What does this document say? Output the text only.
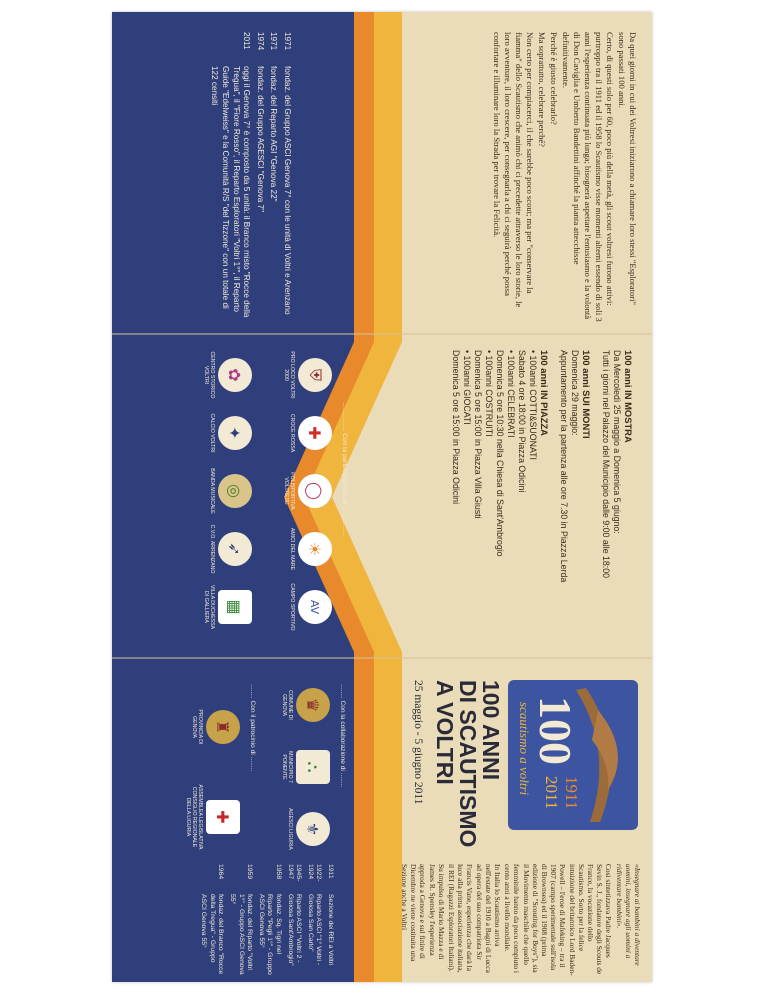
Da quei giorni in cui dei Voltresi iniziarono a chiamare loro stessi "Esploratori" sono passati 100 anni.

Certo, di questi solo per 60, poco più della metà, gli scout voltresi furono attivi: purtroppo tra il 1911 ed il 1958 lo Scautismo visse momenti alterni essendo di soli 3 anni l'esperienza continuata più lunga; bisognerà aspettare l'entusiasmo e la volontà di Don Caviglia e Umberto Bandettini affinché la pianta attecchisse definitivamente.

Perché è giusto celebrarlo?

Ma soprattutto, celebrare perché?

Non certo per compiacerci, il che sarebbe poco scout; ma per "conservare la fiamma" dello Scautismo che animò chi ci precedette attraverso le loro storie, le loro avventure, il loro crescere, per consegnarla a chi ci seguirà perché possa confortare e illuminare loro la Strada per trovare la Felicità.

1971
fondaz. del Gruppo ASCI Genova 7° con le unità di Voltri e Arenzano
1971
fondaz. del Reparto AGI "Genova 22"
1974
fondaz. del Gruppo AGESCI "Genova 7"
2011
oggi il Genova 7° è composto da 5 unità: il Branco misto "Rocce della Tregua", il "Fiore Rosso", il Reparto Esploratori "Voltri 1°", il Reparto Guide "Edelweiss" e la Comunità R/S "del Tizzone" con un totale di 122 censiti
100 anni IN MOSTRA
Da Mercoledì 25 maggio a Domenica 5 giugno:
Tutti i giorni nel Palazzo del Municipio dalle 9:00 alle 18:00
100 anni SUI MONTI
Domenica 29 maggio:
Appuntamento per la partenza alle ore 7.30 in Piazza Lerda
100 anni IN PIAZZA
• 100anni COTTI&SUONATI
Sabato 4 ore 18:00 in Piazza Odicini
• 100anni CELEBRATI
Domenica 5 ore 10:30 nella Chiesa di Sant'Ambrogio
• 100anni COSTRUITI
Domenica 5 ore 15:00 in Piazza Villa Giusti
• 100anni GIOCATI
Domenica 5 ore 15:00 in Piazza Odicini
................ Con la partecipazione di ................
⛨
PRO LOCO VOLTRI 2000
✚
CROCE ROSSA
◯
POLISPORTIVA VOLTRESE
☀
AMICI DEL MARE
AV
CAMPO SPORTIVO
✿
CENTRO STORICO VOLTRI
✦
CALCIO VOLTRI
◎
BANDA MUSICALE
➶
C.V.O. ARRENZANO
▦
VILLA DUCHESSA DI GALLIERA
100
1911
2011
scautismo a voltri
100 ANNI
DI SCAUTISMO
A VOLTRI
25 maggio - 5 giugno 2011
........ Con la collaborazione di ........
♛
COMUNE DI GENOVA
⛬
MUNICIPIO 7 PONENTE
⚜
AGESCI LIGURIA
........ Con il patrocinio di ........
♜
PROVINCIA DI GENOVA
✚
ASSEMBLEA LEGISLATIVA CONSIGLIO REGIONALE DELLA LIGURIA

«Insegnare ai bambini a diventare uomini, insegnare agli uomini a ridiventare bambini».

Così sintetizzava Padre Jacques Sevin S. J., fondatore degli Scouts de France, la vocazione dello Scautismo. Sorto per la felice intuizione del britannico Lord Baden-Powell – l'eroe di Mafeking – tra il 1907 (campo sperimentale sull'isola di Brownsea) ed il 1908 (prima edizione di "Scouting for Boys"), sia il Movimento maschile che quello femminile hanno da poco compiuto i cento anni a livello mondiale.

In Italia lo Scautismo arriva nell'estate del 1910 a Bagni di Lucca ad opera del suo compatriota Sir Francis Vane, esperienza che darà la luce alla prima associazione italiana, il REI (Ragazzi Esploratori Italiani).

Su impulso di Mario Mazza e di James R. Spensley l'esperienza approda a Genova e sul finire di Dicembre ne viene costituita una Sezione anche a Voltri

1911
Sezione dei REI a Voltri
1922-1924
Riparto ASCI "1° Voltri - Gioiosa San Carlo"
1945-1947
Riparto ASCI "Voltri 2 - Gioiosa Sant'Ambrogio"
1958
fondaz. Sq. Tigri nel Riparto "Pegli 1°" - Gruppo ASCI Genova 55°
1959
fondaz. del Riparto "Voltri 1°" - Gruppo ASCI Genova 55°
1964
fondaz. del Branco "Rocce della Tregua" - Gruppo ASCI Genova 55°
